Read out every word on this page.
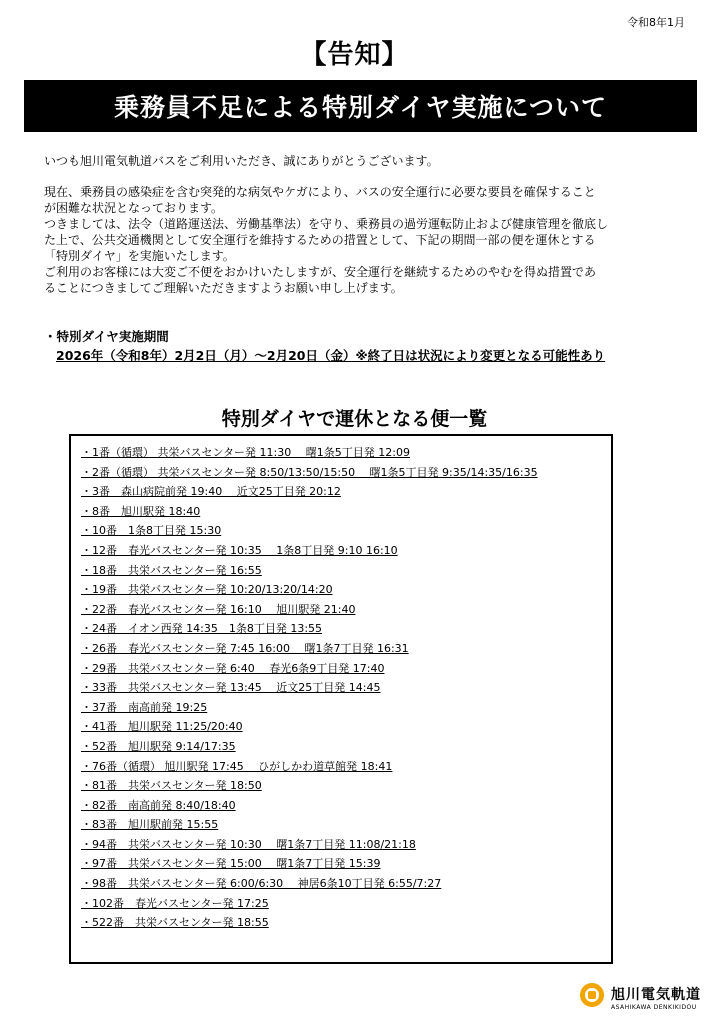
令和8年1月
【告知】
乗務員不足による特別ダイヤ実施について
いつも旭川電気軌道バスをご利用いただき、誠にありがとうございます。

現在、乗務員の感染症を含む突発的な病気やケガにより、バスの安全運行に必要な要員を確保すること

が困難な状況となっております。

つきましては、法令（道路運送法、労働基準法）を守り、乗務員の過労運転防止および健康管理を徹底し

た上で、公共交通機関として安全運行を維持するための措置として、下記の期間一部の便を運休とする

「特別ダイヤ」を実施いたします。

ご利用のお客様には大変ご不便をおかけいたしますが、安全運行を継続するためのやむを得ぬ措置であ

ることにつきましてご理解いただきますようお願い申し上げます。

・特別ダイヤ実施期間
2026年（令和8年）2月2日（月）～2月20日（金）※終了日は状況により変更となる可能性あり
特別ダイヤで運休となる便一覧
・1番（循環） 共栄バスセンター発 11:30　 曙1条5丁目発 12:09
・2番（循環） 共栄バスセンター発 8:50/13:50/15:50　 曙1条5丁目発 9:35/14:35/16:35
・3番　森山病院前発 19:40　 近文25丁目発 20:12
・8番　旭川駅発 18:40
・10番　1条8丁目発 15:30
・12番　春光バスセンター発 10:35　 1条8丁目発 9:10 16:10
・18番　共栄バスセンター発 16:55
・19番　共栄バスセンター発 10:20/13:20/14:20
・22番　春光バスセンター発 16:10　 旭川駅発 21:40
・24番　イオン西発 14:35　1条8丁目発 13:55
・26番　春光バスセンター発 7:45 16:00　 曙1条7丁目発 16:31
・29番　共栄バスセンター発 6:40　 春光6条9丁目発 17:40
・33番　共栄バスセンター発 13:45　 近文25丁目発 14:45
・37番　南高前発 19:25
・41番　旭川駅発 11:25/20:40
・52番　旭川駅発 9:14/17:35
・76番（循環） 旭川駅発 17:45　 ひがしかわ道草館発 18:41
・81番　共栄バスセンター発 18:50
・82番　南高前発 8:40/18:40
・83番　旭川駅前発 15:55
・94番　共栄バスセンター発 10:30　 曙1条7丁目発 11:08/21:18
・97番　共栄バスセンター発 15:00　 曙1条7丁目発 15:39
・98番　共栄バスセンター発 6:00/6:30　 神居6条10丁目発 6:55/7:27
・102番　春光バスセンター発 17:25
・522番　共栄バスセンター発 18:55
旭川電気軌道
ASAHIKAWA DENKIKIDOU
